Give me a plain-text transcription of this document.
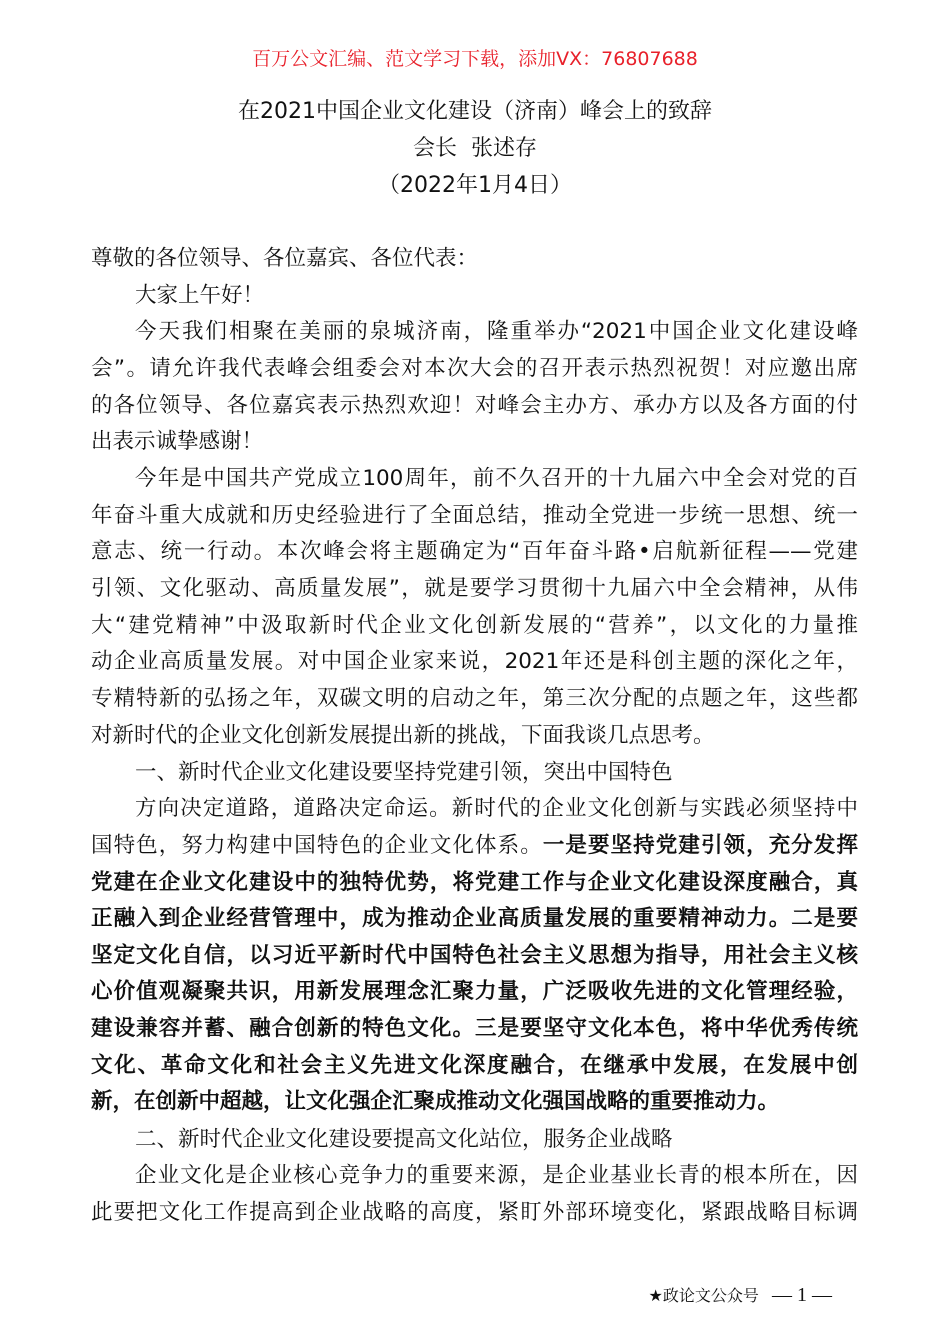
百万公文汇编、范文学习下载，添加VX：76807688
在2021中国企业文化建设（济南）峰会上的致辞
会长  张述存
（2022年1月4日）
尊敬的各位领导、各位嘉宾、各位代表：
大家上午好！
今天我们相聚在美丽的泉城济南，隆重举办“2021中国企业文化建设峰
会”。请允许我代表峰会组委会对本次大会的召开表示热烈祝贺！对应邀出席
的各位领导、各位嘉宾表示热烈欢迎！对峰会主办方、承办方以及各方面的付
出表示诚挚感谢！
今年是中国共产党成立100周年，前不久召开的十九届六中全会对党的百
年奋斗重大成就和历史经验进行了全面总结，推动全党进一步统一思想、统一
意志、统一行动。本次峰会将主题确定为“百年奋斗路•启航新征程——党建
引领、文化驱动、高质量发展”，就是要学习贯彻十九届六中全会精神，从伟
大“建党精神”中汲取新时代企业文化创新发展的“营养”，以文化的力量推
动企业高质量发展。对中国企业家来说，2021年还是科创主题的深化之年，
专精特新的弘扬之年，双碳文明的启动之年，第三次分配的点题之年，这些都
对新时代的企业文化创新发展提出新的挑战，下面我谈几点思考。
一、新时代企业文化建设要坚持党建引领，突出中国特色
方向决定道路，道路决定命运。新时代的企业文化创新与实践必须坚持中
国特色，努力构建中国特色的企业文化体系。一是要坚持党建引领，充分发挥
党建在企业文化建设中的独特优势，将党建工作与企业文化建设深度融合，真
正融入到企业经营管理中，成为推动企业高质量发展的重要精神动力。二是要
坚定文化自信，以习近平新时代中国特色社会主义思想为指导，用社会主义核
心价值观凝聚共识，用新发展理念汇聚力量，广泛吸收先进的文化管理经验，
建设兼容并蓄、融合创新的特色文化。三是要坚守文化本色，将中华优秀传统
文化、革命文化和社会主义先进文化深度融合，在继承中发展，在发展中创
新，在创新中超越，让文化强企汇聚成推动文化强国战略的重要推动力。
二、新时代企业文化建设要提高文化站位，服务企业战略
企业文化是企业核心竞争力的重要来源，是企业基业长青的根本所在，因
此要把文化工作提高到企业战略的高度，紧盯外部环境变化，紧跟战略目标调
★政论文公众号 — 1 —
